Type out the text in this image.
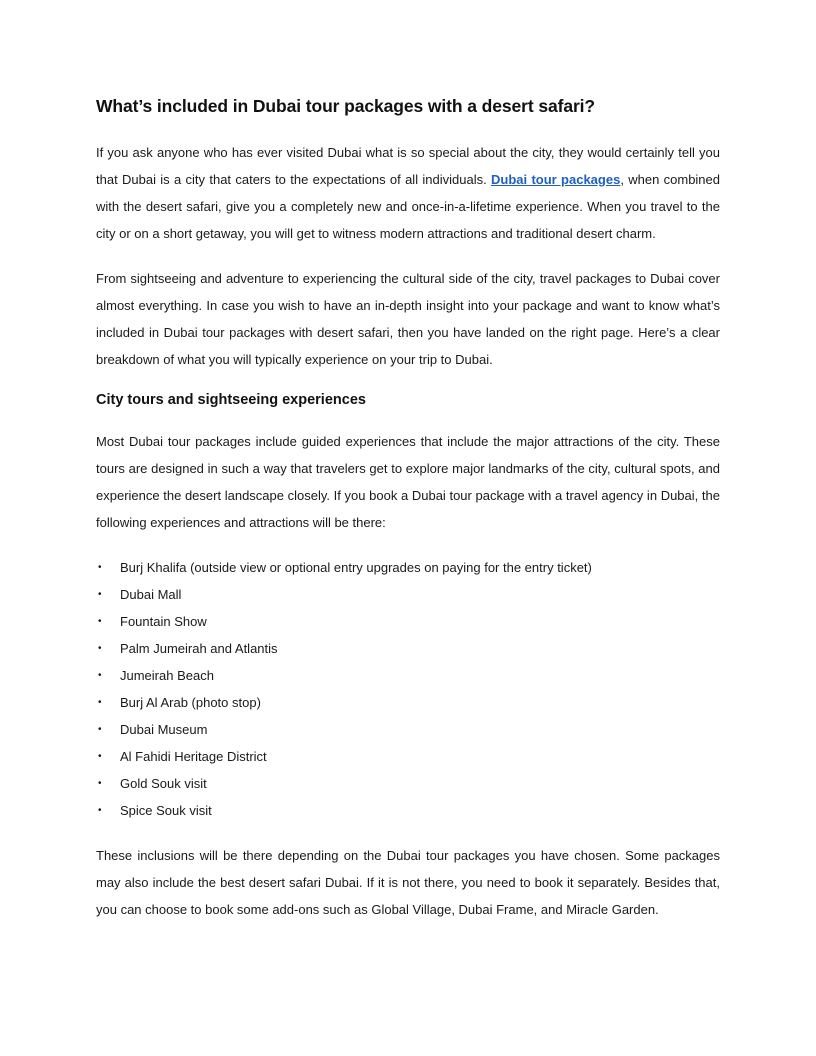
What’s included in Dubai tour packages with a desert safari?

If you ask anyone who has ever visited Dubai what is so special about the city, they would certainly tell you that Dubai is a city that caters to the expectations of all individuals. Dubai tour packages, when combined with the desert safari, give you a completely new and once-in-a-lifetime experience. When you travel to the city or on a short getaway, you will get to witness modern attractions and traditional desert charm.

From sightseeing and adventure to experiencing the cultural side of the city, travel packages to Dubai cover almost everything. In case you wish to have an in-depth insight into your package and want to know what’s included in Dubai tour packages with desert safari, then you have landed on the right page. Here’s a clear breakdown of what you will typically experience on your trip to Dubai.

City tours and sightseeing experiences

Most Dubai tour packages include guided experiences that include the major attractions of the city. These tours are designed in such a way that travelers get to explore major landmarks of the city, cultural spots, and experience the desert landscape closely. If you book a Dubai tour package with a travel agency in Dubai, the following experiences and attractions will be there:

• Burj Khalifa (outside view or optional entry upgrades on paying for the entry ticket)
• Dubai Mall
• Fountain Show
• Palm Jumeirah and Atlantis
• Jumeirah Beach
• Burj Al Arab (photo stop)
• Dubai Museum
• Al Fahidi Heritage District
• Gold Souk visit
• Spice Souk visit

These inclusions will be there depending on the Dubai tour packages you have chosen. Some packages may also include the best desert safari Dubai. If it is not there, you need to book it separately. Besides that, you can choose to book some add-ons such as Global Village, Dubai Frame, and Miracle Garden.
